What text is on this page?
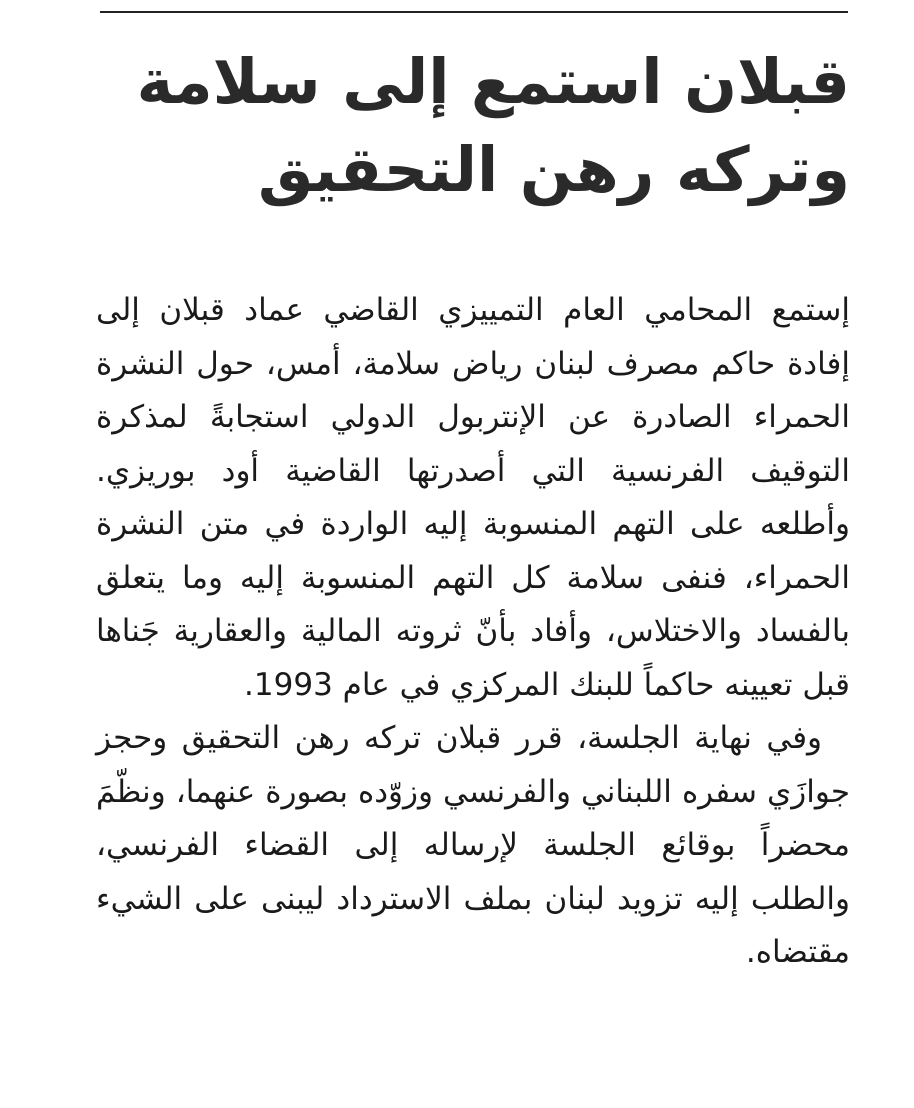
قبلان استمع إلى سلامة
وتركه رهن التحقيق

إستمع المحامي العام التمييزي القاضي عماد قبلان إلى إفادة حاكم مصرف لبنان رياض سلامة، أمس، حول النشرة الحمراء الصادرة عن الإنتربول الدولي استجابةً لمذكرة التوقيف الفرنسية التي أصدرتها القاضية أود بوريزي. وأطلعه على التهم المنسوبة إليه الواردة في متن النشرة الحمراء، فنفى سلامة كل التهم المنسوبة إليه وما يتعلق بالفساد والاختلاس، وأفاد بأنّ ثروته المالية والعقارية جَناها قبل تعيينه حاكماً للبنك المركزي في عام 1993.

وفي نهاية الجلسة، قرر قبلان تركه رهن التحقيق وحجز جوازَي سفره اللبناني والفرنسي وزوّده بصورة عنهما، ونظّمَ محضراً بوقائع الجلسة لإرساله إلى القضاء الفرنسي، والطلب إليه تزويد لبنان بملف الاسترداد ليبنى على الشيء مقتضاه.
